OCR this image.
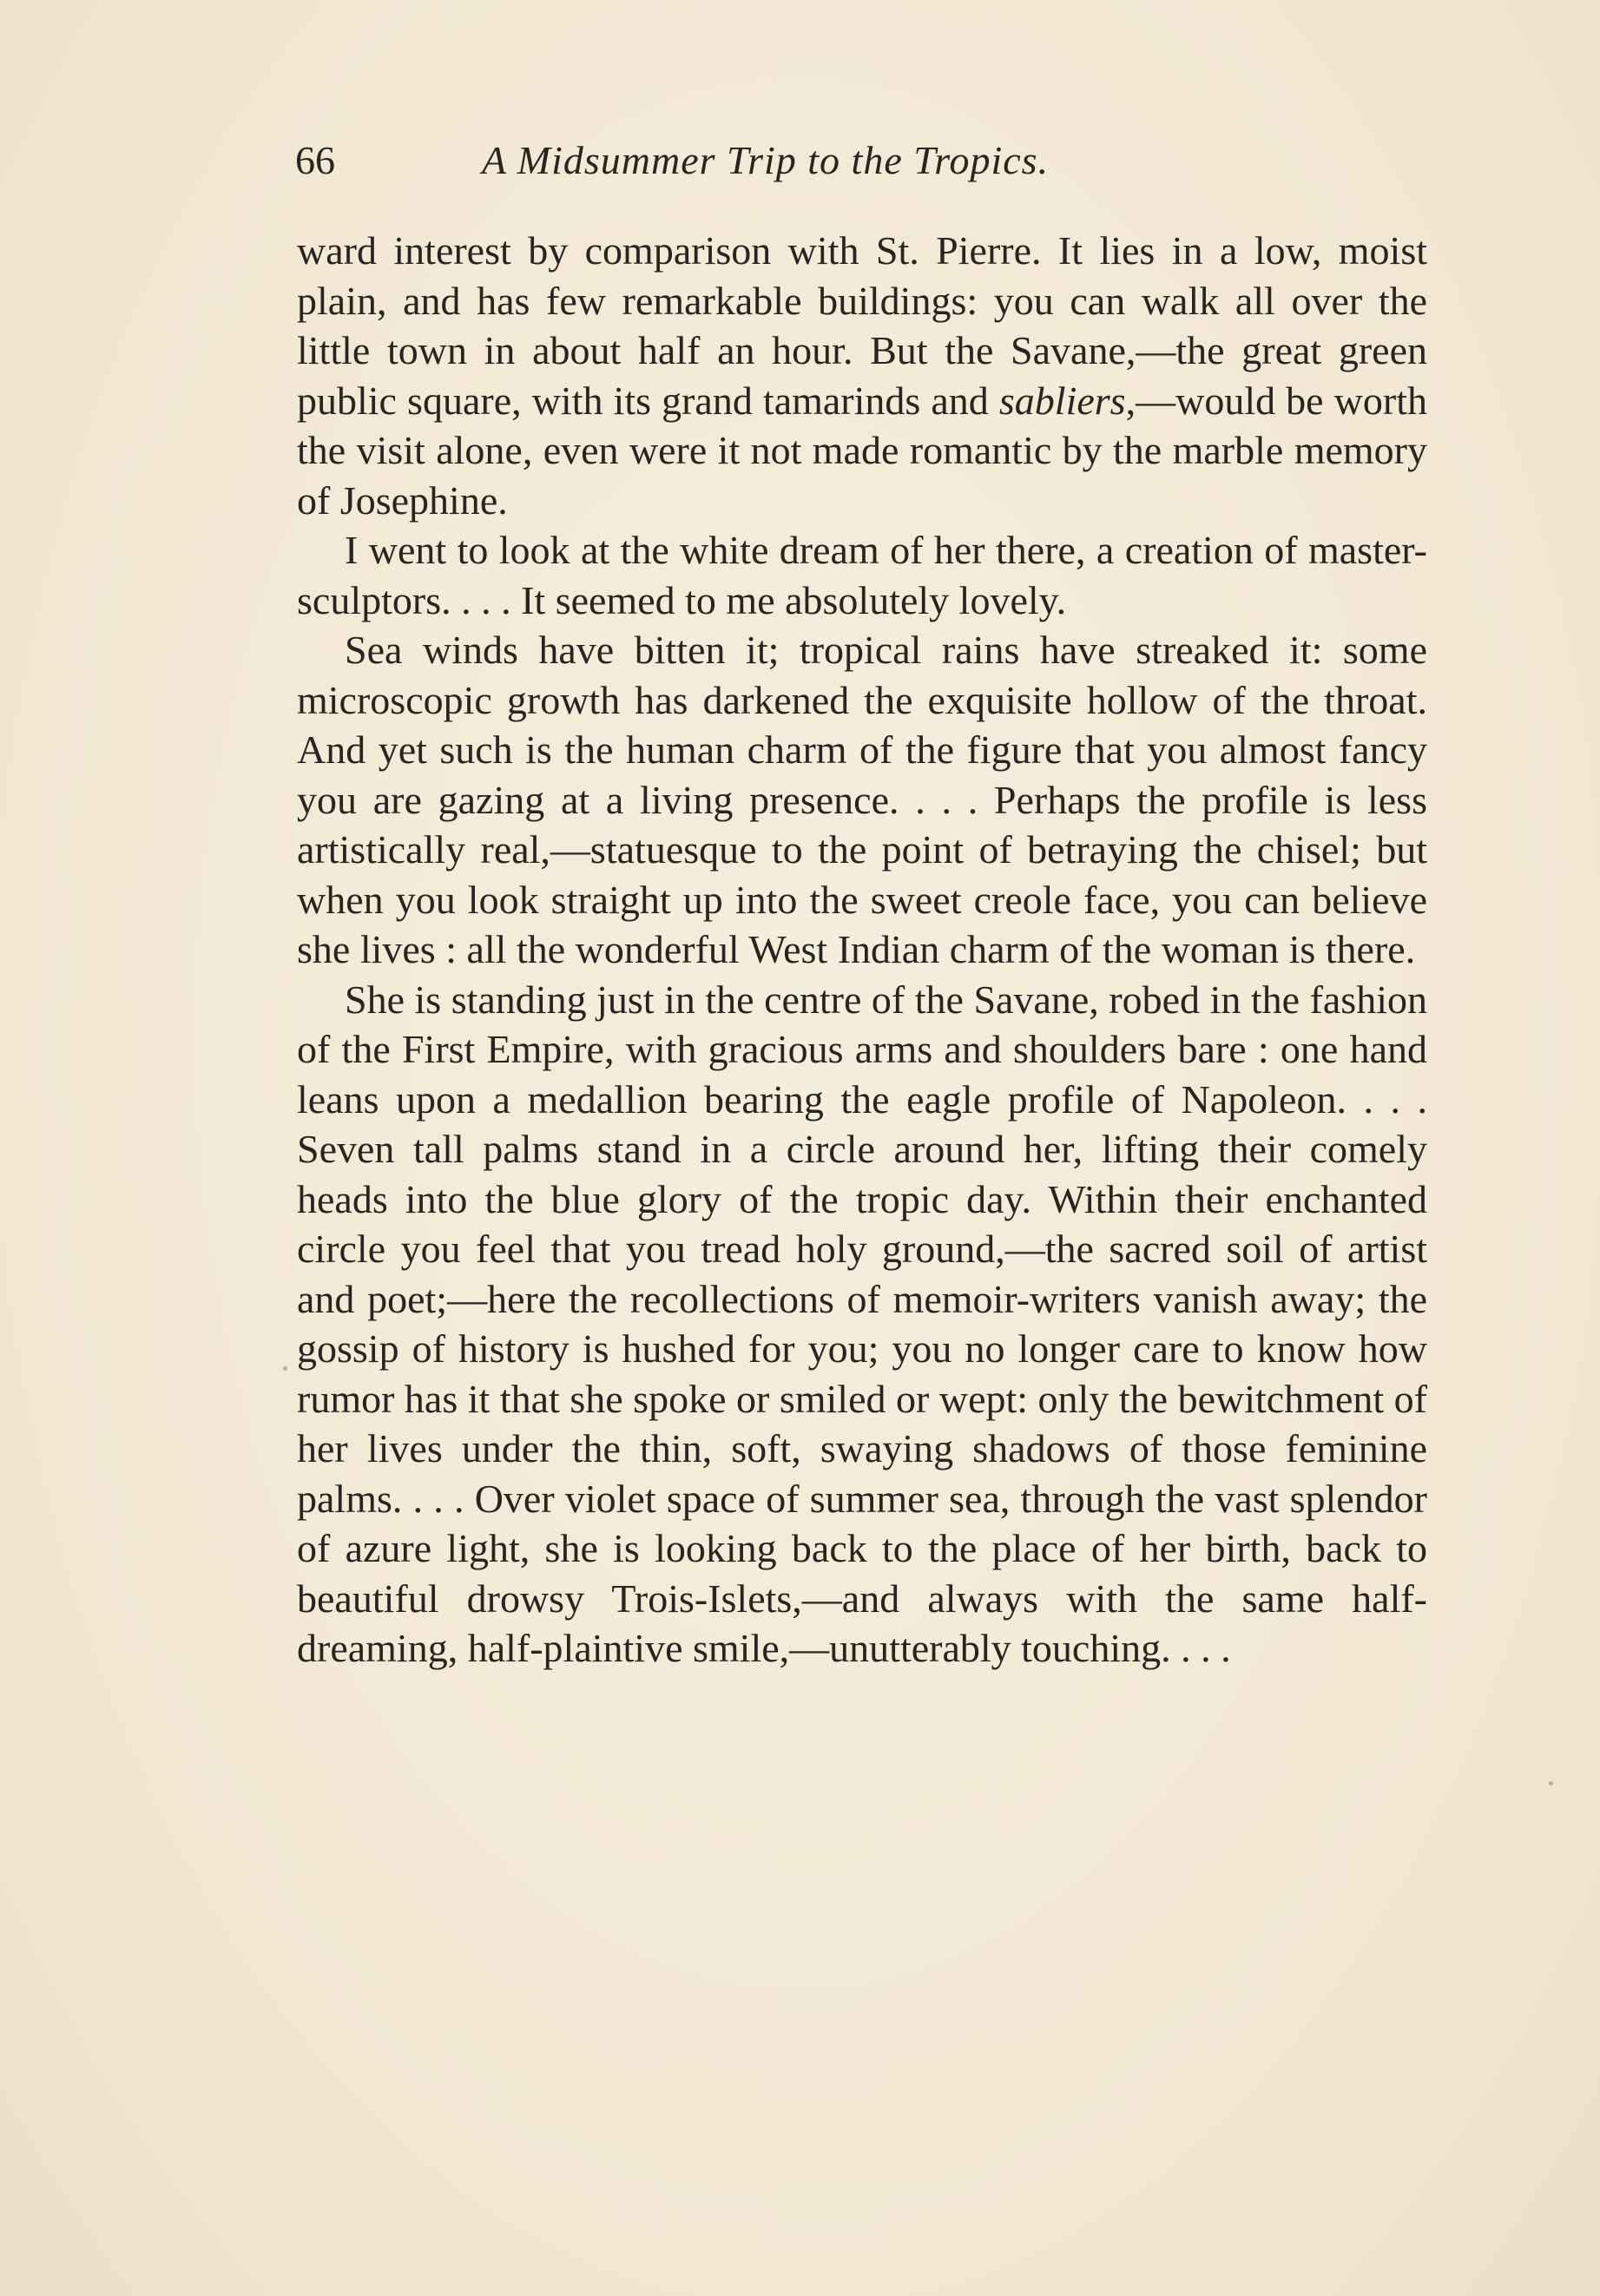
66	A Midsummer Trip to the Tropics.

ward interest by comparison with St. Pierre. It lies in a low, moist plain, and has few remarkable buildings: you can walk all over the little town in about half an hour. But the Savane,—the great green public square, with its grand tamarinds and sabliers,—would be worth the visit alone, even were it not made romantic by the marble memory of Josephine.

I went to look at the white dream of her there, a creation of master-sculptors. . . . It seemed to me absolutely lovely.

Sea winds have bitten it; tropical rains have streaked it: some microscopic growth has darkened the exquisite hollow of the throat. And yet such is the human charm of the figure that you almost fancy you are gazing at a living presence. . . . Perhaps the profile is less artistically real,—statuesque to the point of betraying the chisel; but when you look straight up into the sweet creole face, you can believe she lives : all the wonderful West Indian charm of the woman is there.

She is standing just in the centre of the Savane, robed in the fashion of the First Empire, with gracious arms and shoulders bare : one hand leans upon a medallion bearing the eagle profile of Napoleon. . . . Seven tall palms stand in a circle around her, lifting their comely heads into the blue glory of the tropic day. Within their enchanted circle you feel that you tread holy ground,—the sacred soil of artist and poet;—here the recollections of memoir-writers vanish away; the gossip of history is hushed for you; you no longer care to know how rumor has it that she spoke or smiled or wept: only the bewitchment of her lives under the thin, soft, swaying shadows of those feminine palms. . . . Over violet space of summer sea, through the vast splendor of azure light, she is looking back to the place of her birth, back to beautiful drowsy Trois-Islets,—and always with the same half-dreaming, half-plaintive smile,—unutterably touching. . . .
